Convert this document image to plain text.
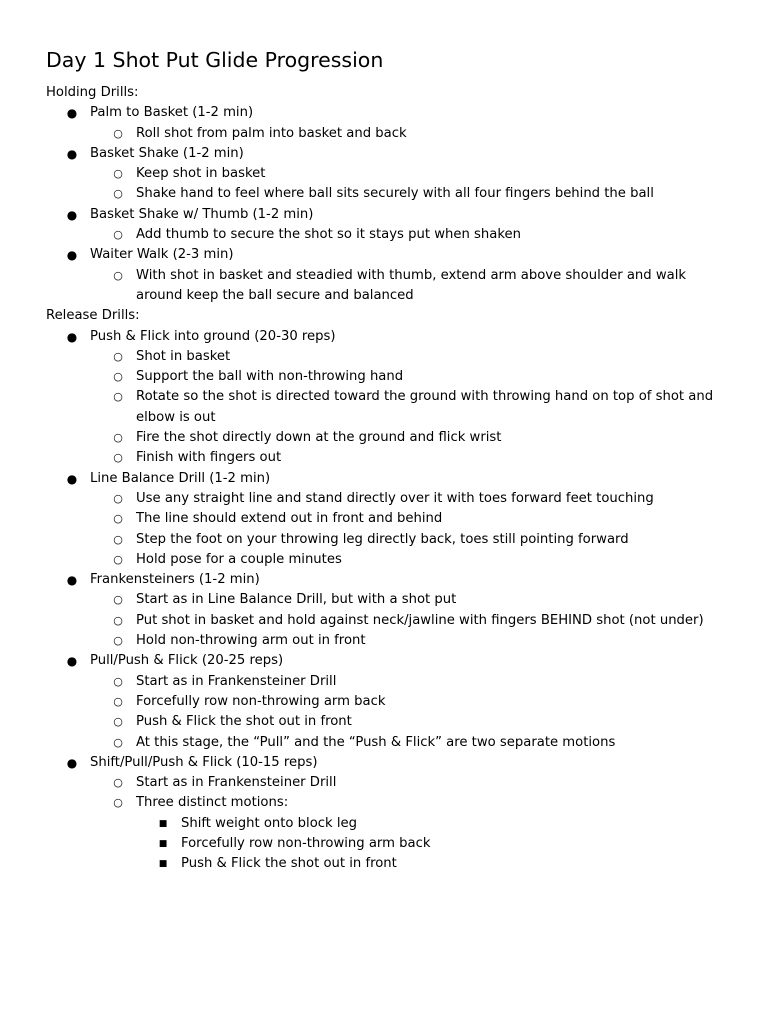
Day 1 Shot Put Glide Progression
Holding Drills:
● Palm to Basket (1-2 min)
○ Roll shot from palm into basket and back
● Basket Shake (1-2 min)
○ Keep shot in basket
○ Shake hand to feel where ball sits securely with all four fingers behind the ball
● Basket Shake w/ Thumb (1-2 min)
○ Add thumb to secure the shot so it stays put when shaken
● Waiter Walk (2-3 min)
○ With shot in basket and steadied with thumb, extend arm above shoulder and walk around keep the ball secure and balanced
Release Drills:
● Push & Flick into ground (20-30 reps)
○ Shot in basket
○ Support the ball with non-throwing hand
○ Rotate so the shot is directed toward the ground with throwing hand on top of shot and elbow is out
○ Fire the shot directly down at the ground and flick wrist
○ Finish with fingers out
● Line Balance Drill (1-2 min)
○ Use any straight line and stand directly over it with toes forward feet touching
○ The line should extend out in front and behind
○ Step the foot on your throwing leg directly back, toes still pointing forward
○ Hold pose for a couple minutes
● Frankensteiners (1-2 min)
○ Start as in Line Balance Drill, but with a shot put
○ Put shot in basket and hold against neck/jawline with fingers BEHIND shot (not under)
○ Hold non-throwing arm out in front
● Pull/Push & Flick (20-25 reps)
○ Start as in Frankensteiner Drill
○ Forcefully row non-throwing arm back
○ Push & Flick the shot out in front
○ At this stage, the “Pull” and the “Push & Flick” are two separate motions
● Shift/Pull/Push & Flick (10-15 reps)
○ Start as in Frankensteiner Drill
○ Three distinct motions:
■ Shift weight onto block leg
■ Forcefully row non-throwing arm back
■ Push & Flick the shot out in front
